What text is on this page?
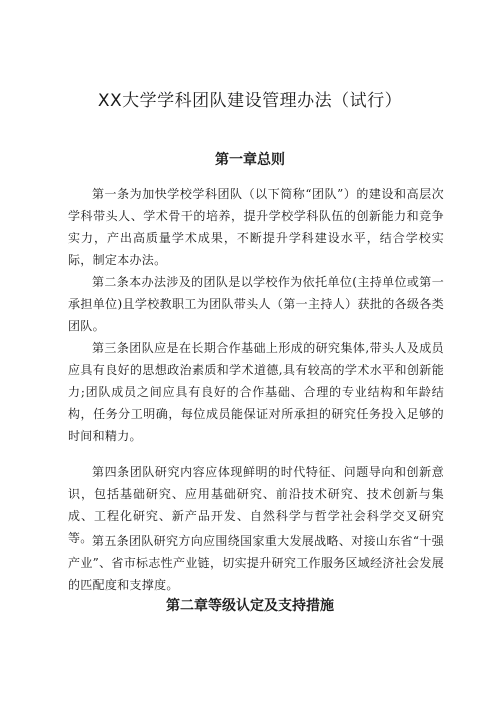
XX大学学科团队建设管理办法（试行）
第一章总则

第一条为加快学校学科团队（以下简称“团队”）的建设和高层次学科带头人、学术骨干的培养，提升学校学科队伍的创新能力和竞争实力，产出高质量学术成果，不断提升学科建设水平，结合学校实际，制定本办法。

第二条本办法涉及的团队是以学校作为依托单位(主持单位或第一承担单位)且学校教职工为团队带头人（第一主持人）获批的各级各类团队。

第三条团队应是在长期合作基础上形成的研究集体,带头人及成员应具有良好的思想政治素质和学术道德,具有较高的学术水平和创新能力;团队成员之间应具有良好的合作基础、合理的专业结构和年龄结构，任务分工明确，每位成员能保证对所承担的研究任务投入足够的时间和精力。

第四条团队研究内容应体现鲜明的时代特征、问题导向和创新意识，包括基础研究、应用基础研究、前沿技术研究、技术创新与集成、工程化研究、新产品开发、自然科学与哲学社会科学交叉研究等。 第五条团队研究方向应围绕国家重大发展战略、对接山东省“十强产业”、省市标志性产业链，切实提升研究工作服务区域经济社会发展的匹配度和支撑度。

第二章等级认定及支持措施
